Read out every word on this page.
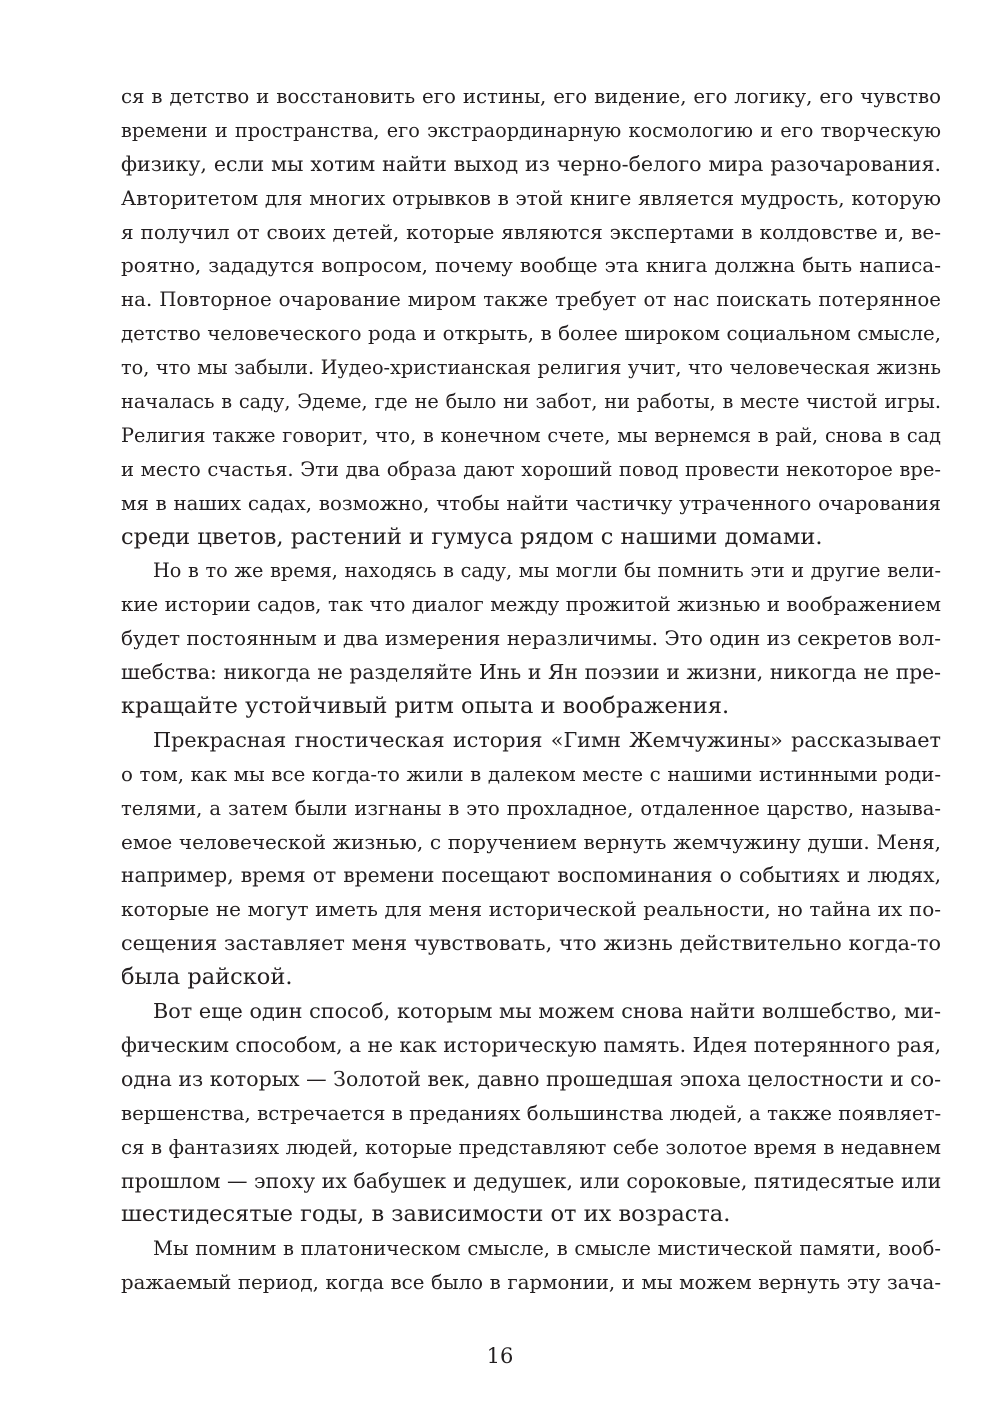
ся в детство и восстановить его истины, его видение, его логику, его чувство
времени и пространства, его экстраординарную космологию и его творческую
физику, если мы хотим найти выход из черно-белого мира разочарования.
Авторитетом для многих отрывков в этой книге является мудрость, которую
я получил от своих детей, которые являются экспертами в колдовстве и, ве-
роятно, зададутся вопросом, почему вообще эта книга должна быть написа-
на. Повторное очарование миром также требует от нас поискать потерянное
детство человеческого рода и открыть, в более широком социальном смысле,
то, что мы забыли. Иудео-христианская религия учит, что человеческая жизнь
началась в саду, Эдеме, где не было ни забот, ни работы, в месте чистой игры.
Религия также говорит, что, в конечном счете, мы вернемся в рай, снова в сад
и место счастья. Эти два образа дают хороший повод провести некоторое вре-
мя в наших садах, возможно, чтобы найти частичку утраченного очарования
среди цветов, растений и гумуса рядом с нашими домами.
Но в то же время, находясь в саду, мы могли бы помнить эти и другие вели-
кие истории садов, так что диалог между прожитой жизнью и воображением
будет постоянным и два измерения неразличимы. Это один из секретов вол-
шебства: никогда не разделяйте Инь и Ян поэзии и жизни, никогда не пре-
кращайте устойчивый ритм опыта и воображения.
Прекрасная гностическая история «Гимн Жемчужины» рассказывает
о том, как мы все когда-то жили в далеком месте с нашими истинными роди-
телями, а затем были изгнаны в это прохладное, отдаленное царство, называ-
емое человеческой жизнью, с поручением вернуть жемчужину души. Меня,
например, время от времени посещают воспоминания о событиях и людях,
которые не могут иметь для меня исторической реальности, но тайна их по-
сещения заставляет меня чувствовать, что жизнь действительно когда-то
была райской.
Вот еще один способ, которым мы можем снова найти волшебство, ми-
фическим способом, а не как историческую память. Идея потерянного рая,
одна из которых — Золотой век, давно прошедшая эпоха целостности и со-
вершенства, встречается в преданиях большинства людей, а также появляет-
ся в фантазиях людей, которые представляют себе золотое время в недавнем
прошлом — эпоху их бабушек и дедушек, или сороковые, пятидесятые или
шестидесятые годы, в зависимости от их возраста.
Мы помним в платоническом смысле, в смысле мистической памяти, вооб-
ражаемый период, когда все было в гармонии, и мы можем вернуть эту зача-
16
